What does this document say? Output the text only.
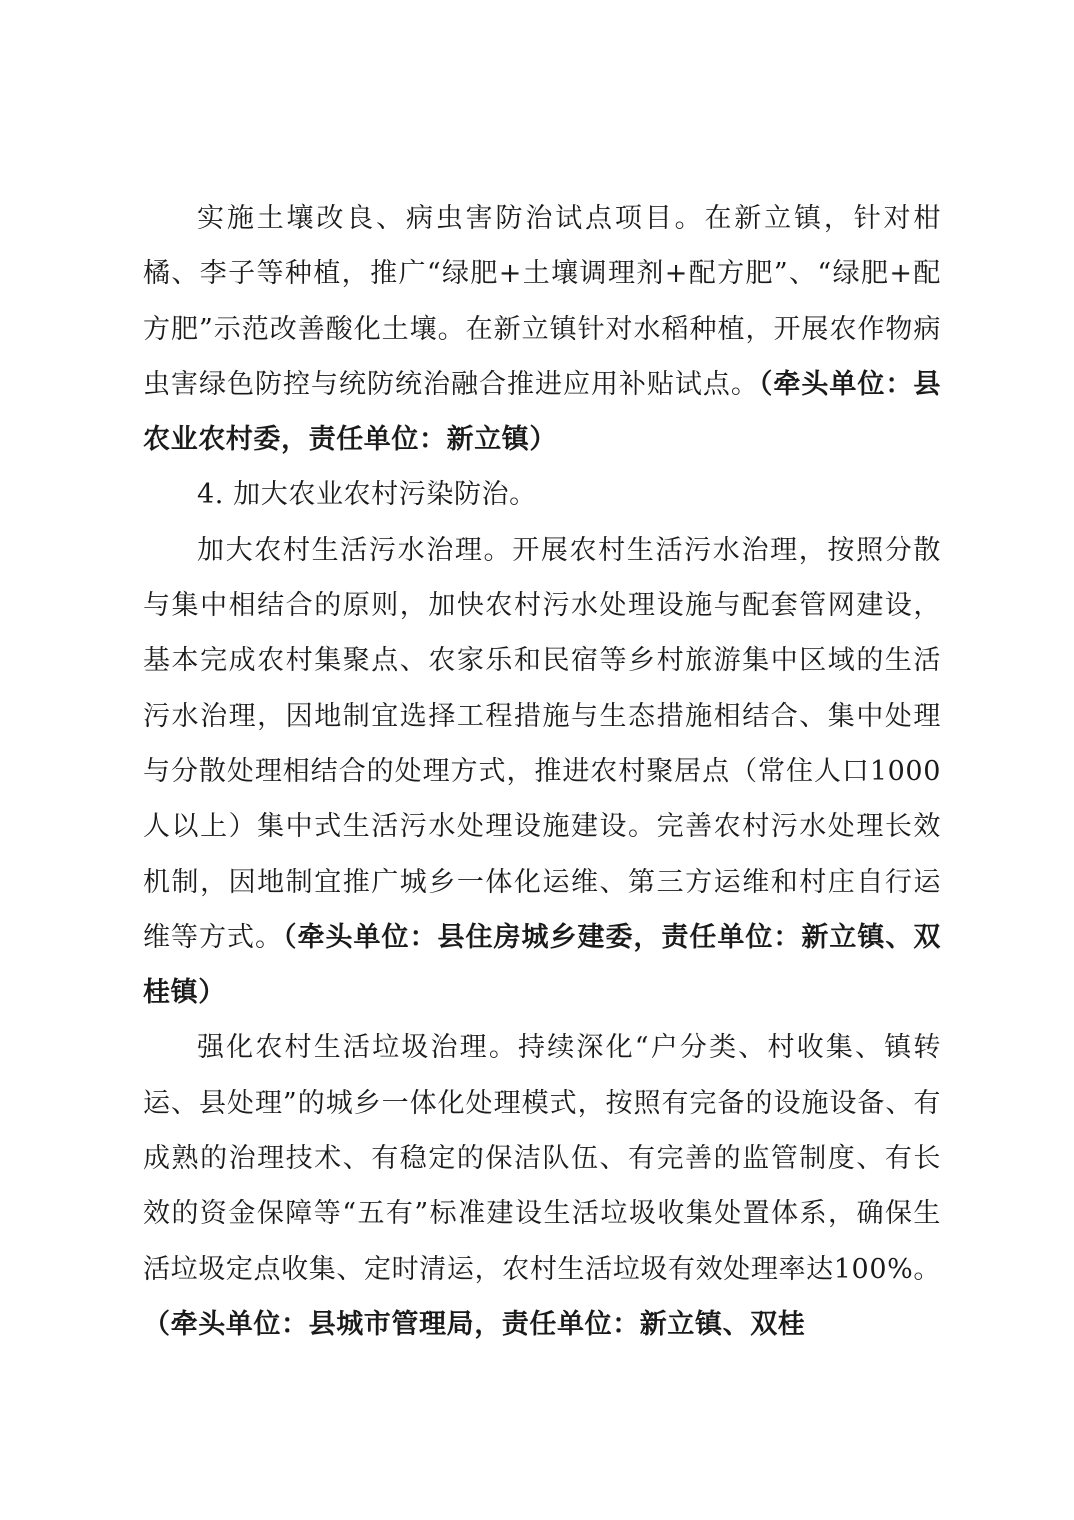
实施土壤改良、病虫害防治试点项目。在新立镇，针对柑橘、李子等种植，推广“绿肥+土壤调理剂+配方肥”、“绿肥+配方肥”示范改善酸化土壤。在新立镇针对水稻种植，开展农作物病虫害绿色防控与统防统治融合推进应用补贴试点。（牵头单位：县农业农村委，责任单位：新立镇）

4. 加大农业农村污染防治。

加大农村生活污水治理。开展农村生活污水治理，按照分散与集中相结合的原则，加快农村污水处理设施与配套管网建设，基本完成农村集聚点、农家乐和民宿等乡村旅游集中区域的生活污水治理，因地制宜选择工程措施与生态措施相结合、集中处理与分散处理相结合的处理方式，推进农村聚居点（常住人口1000人以上）集中式生活污水处理设施建设。完善农村污水处理长效机制，因地制宜推广城乡一体化运维、第三方运维和村庄自行运维等方式。（牵头单位：县住房城乡建委，责任单位：新立镇、双桂镇）

强化农村生活垃圾治理。持续深化“户分类、村收集、镇转运、县处理”的城乡一体化处理模式，按照有完备的设施设备、有成熟的治理技术、有稳定的保洁队伍、有完善的监管制度、有长效的资金保障等“五有”标准建设生活垃圾收集处置体系，确保生活垃圾定点收集、定时清运，农村生活垃圾有效处理率达100%。（牵头单位：县城市管理局，责任单位：新立镇、双桂
